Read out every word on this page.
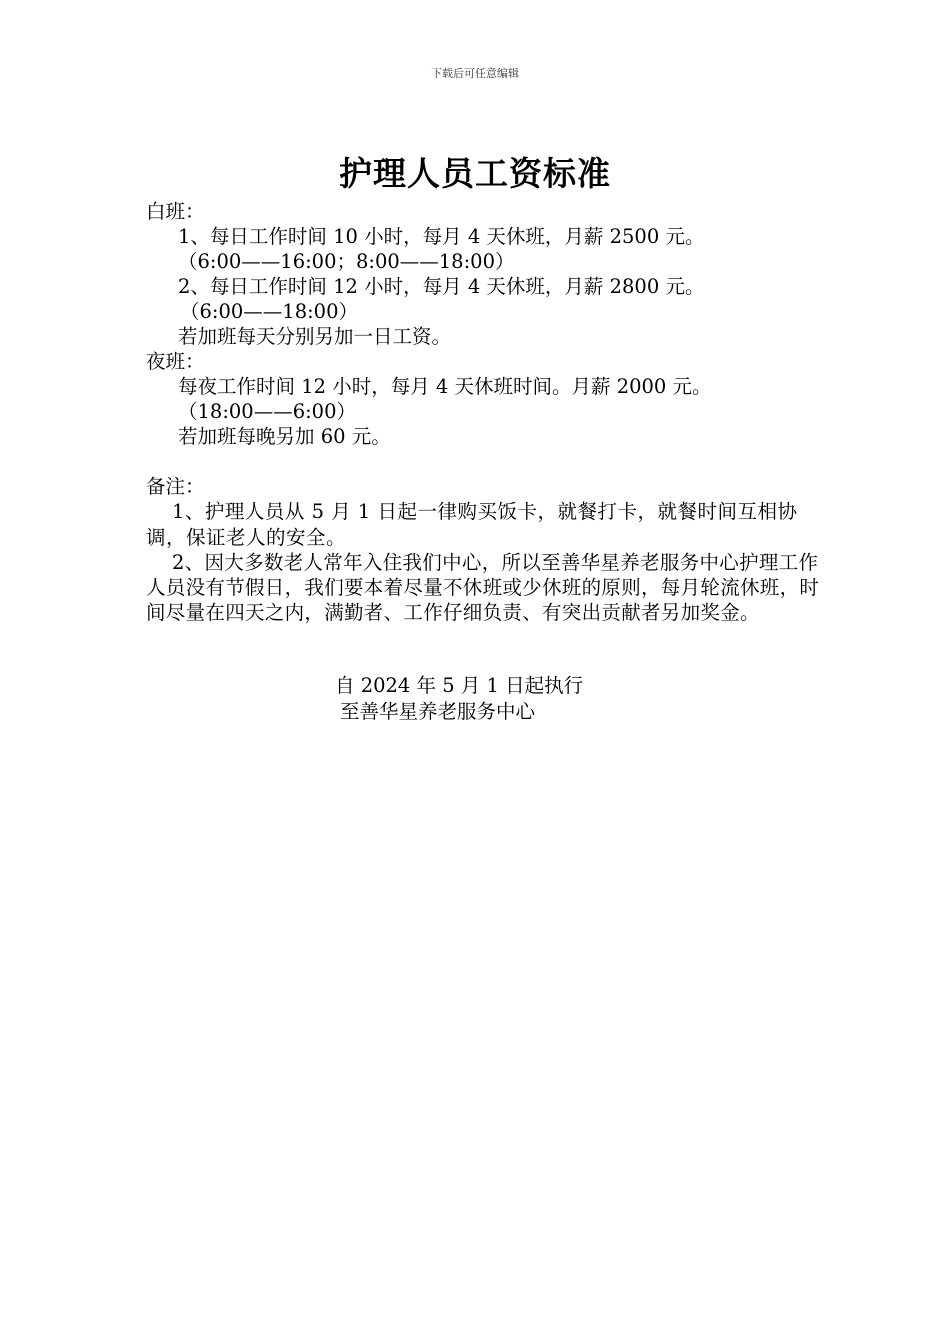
下载后可任意编辑
护理人员工资标准
白班：
1、每日工作时间 10 小时，每月 4 天休班，月薪 2500 元。
（6:00——16:00；8:00——18:00）
2、每日工作时间 12 小时，每月 4 天休班，月薪 2800 元。
（6:00——18:00）
若加班每天分别另加一日工资。
夜班：
每夜工作时间 12 小时，每月 4 天休班时间。月薪 2000 元。
（18:00——6:00）
若加班每晚另加 60 元。
备注：

1、护理人员从 5 月 1 日起一律购买饭卡，就餐打卡，就餐时间互相协调，保证老人的安全。

2、因大多数老人常年入住我们中心，所以至善华星养老服务中心护理工作人员没有节假日，我们要本着尽量不休班或少休班的原则，每月轮流休班，时间尽量在四天之内，满勤者、工作仔细负责、有突出贡献者另加奖金。

自 2024 年 5 月 1 日起执行
至善华星养老服务中心
